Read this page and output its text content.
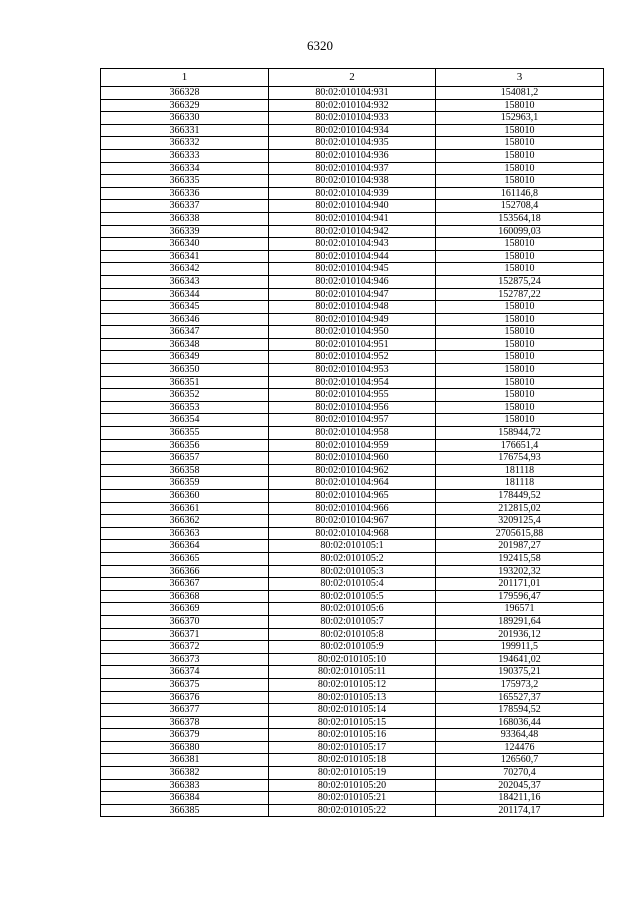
6320
1	2	3
366328	80:02:010104:931	154081,2
366329	80:02:010104:932	158010
366330	80:02:010104:933	152963,1
366331	80:02:010104:934	158010
366332	80:02:010104:935	158010
366333	80:02:010104:936	158010
366334	80:02:010104:937	158010
366335	80:02:010104:938	158010
366336	80:02:010104:939	161146,8
366337	80:02:010104:940	152708,4
366338	80:02:010104:941	153564,18
366339	80:02:010104:942	160099,03
366340	80:02:010104:943	158010
366341	80:02:010104:944	158010
366342	80:02:010104:945	158010
366343	80:02:010104:946	152875,24
366344	80:02:010104:947	152787,22
366345	80:02:010104:948	158010
366346	80:02:010104:949	158010
366347	80:02:010104:950	158010
366348	80:02:010104:951	158010
366349	80:02:010104:952	158010
366350	80:02:010104:953	158010
366351	80:02:010104:954	158010
366352	80:02:010104:955	158010
366353	80:02:010104:956	158010
366354	80:02:010104:957	158010
366355	80:02:010104:958	158944,72
366356	80:02:010104:959	176651,4
366357	80:02:010104:960	176754,93
366358	80:02:010104:962	181118
366359	80:02:010104:964	181118
366360	80:02:010104:965	178449,52
366361	80:02:010104:966	212815,02
366362	80:02:010104:967	3209125,4
366363	80:02:010104:968	2705615,88
366364	80:02:010105:1	201987,27
366365	80:02:010105:2	192415,58
366366	80:02:010105:3	193202,32
366367	80:02:010105:4	201171,01
366368	80:02:010105:5	179596,47
366369	80:02:010105:6	196571
366370	80:02:010105:7	189291,64
366371	80:02:010105:8	201936,12
366372	80:02:010105:9	199911,5
366373	80:02:010105:10	194641,02
366374	80:02:010105:11	190375,21
366375	80:02:010105:12	175973,2
366376	80:02:010105:13	165527,37
366377	80:02:010105:14	178594,52
366378	80:02:010105:15	168036,44
366379	80:02:010105:16	93364,48
366380	80:02:010105:17	124476
366381	80:02:010105:18	126560,7
366382	80:02:010105:19	70270,4
366383	80:02:010105:20	202045,37
366384	80:02:010105:21	184211,16
366385	80:02:010105:22	201174,17
